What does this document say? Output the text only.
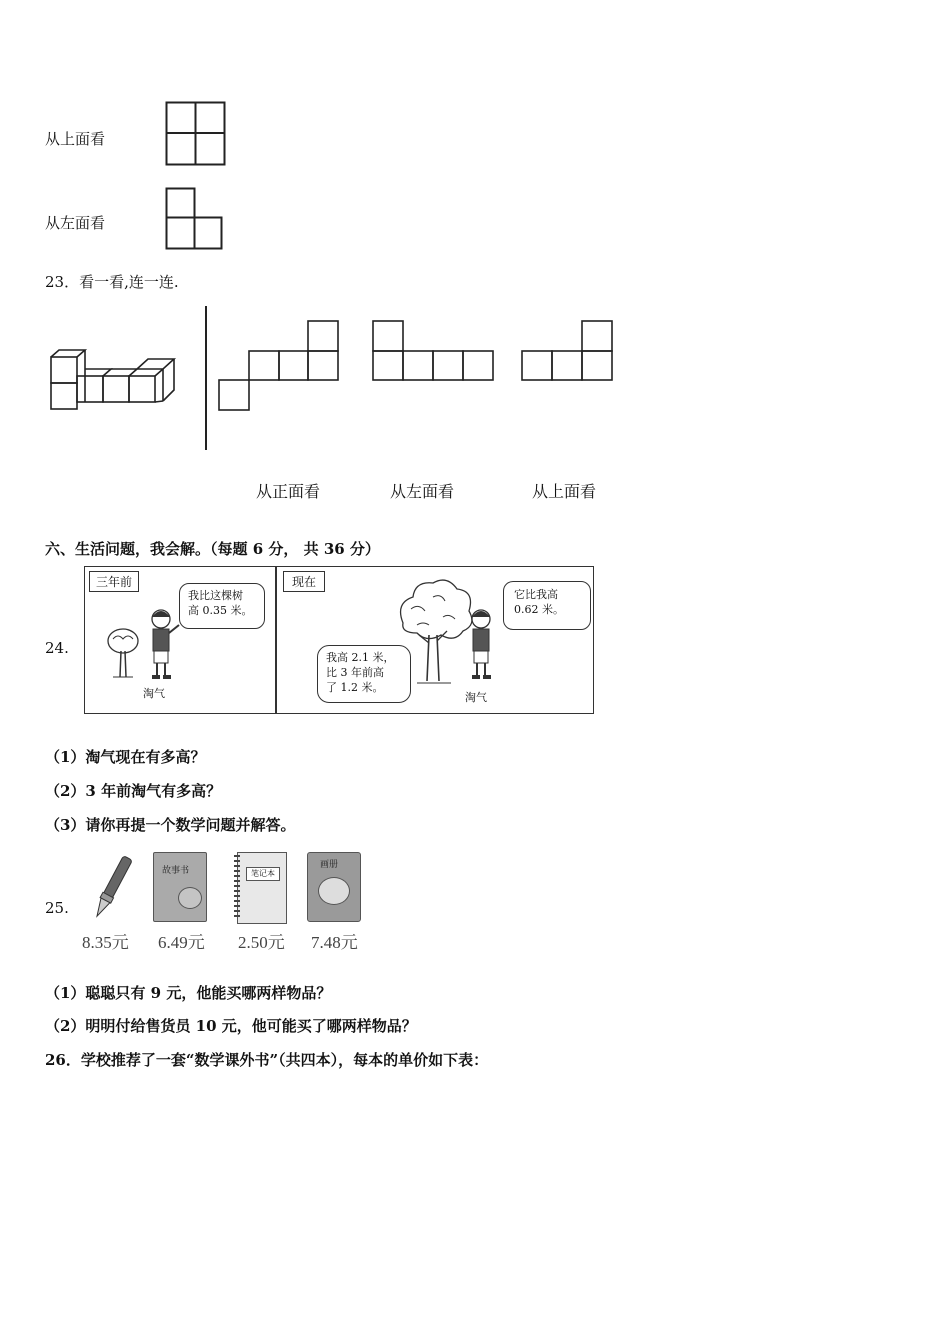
从上面看
从左面看
23．看一看,连一连.
从正面看	从左面看	从上面看
六、生活问题，我会解。（每题 6 分， 共 36 分）
24.
三年前
我比这棵树
高 0.35 米。
淘气
现在
它比我高
0.62 米。
我高 2.1 米，
比 3 年前高
了 1.2 米。
淘气
（1）淘气现在有多高？
（2）3 年前淘气有多高？
（3）请你再提一个数学问题并解答。
25.
8.35元
故事书
6.49元
笔记本
2.50元
画册
7.48元
（1）聪聪只有 9 元，他能买哪两样物品？
（2）明明付给售货员 10 元，他可能买了哪两样物品？
26．学校推荐了一套“数学课外书”（共四本），每本的单价如下表：
